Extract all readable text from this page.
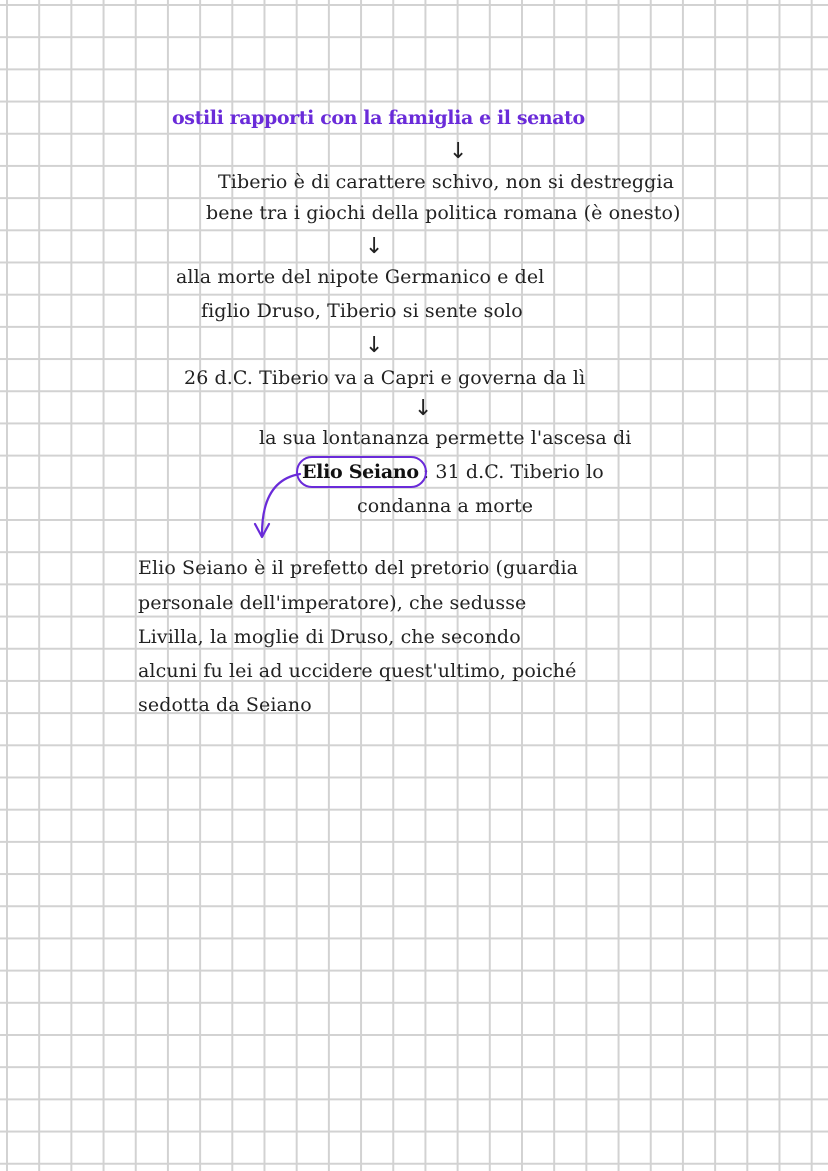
ostili rapporti con la famiglia e il senato
↓
Tiberio è di carattere schivo, non si destreggia
bene tra i giochi della politica romana (è onesto)
↓
alla morte del nipote Germanico e del
figlio Druso, Tiberio si sente solo
↓
26 d.C. Tiberio va a Capri e governa da lì
↓
la sua lontananza permette l'ascesa di
Elio Seiano : 31 d.C. Tiberio lo
condanna a morte
Elio Seiano è il prefetto del pretorio (guardia
personale dell'imperatore), che sedusse
Livilla, la moglie di Druso, che secondo
alcuni fu lei ad uccidere quest'ultimo, poiché
sedotta da Seiano
